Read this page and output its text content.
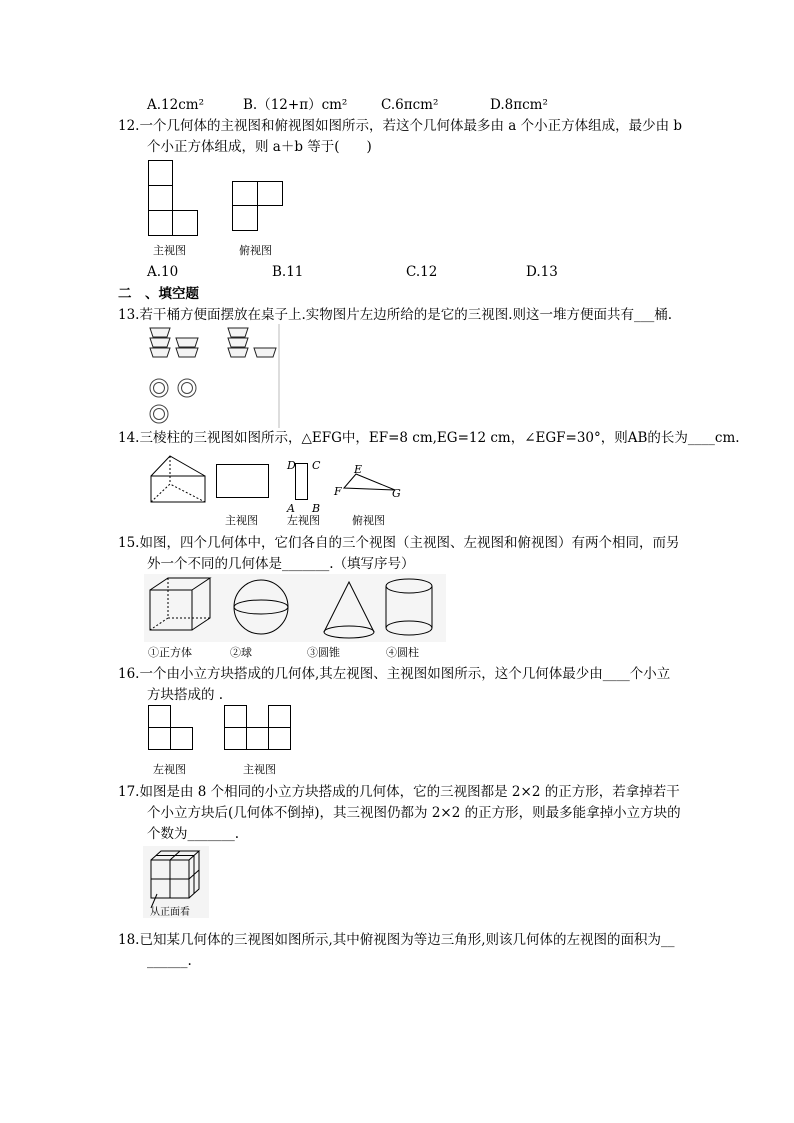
A.12cm²	B.（12+π）cm² C.6πcm²	D.8πcm²
12.一个几何体的主视图和俯视图如图所示，若这个几何体最多由 a 个小正方体组成，最少由 b
个小正方体组成，则 a＋b 等于(　　)
主视图	俯视图
A.10	B.11	C.12	D.13
二　、填空题
13.若干桶方便面摆放在桌子上.实物图片左边所给的是它的三视图.则这一堆方便面共有___桶.
14.三棱柱的三视图如图所示，△EFG中，EF=8 cm,EG=12 cm，∠EGF=30°，则AB的长为____cm.
主视图
D C
A B
左视图
E
F	G
俯视图
15.如图，四个几何体中，它们各自的三个视图（主视图、左视图和俯视图）有两个相同，而另
外一个不同的几何体是_______.（填写序号）
①正方体	②球	③圆锥	④圆柱
16.一个由小立方块搭成的几何体,其左视图、主视图如图所示，这个几何体最少由____个小立
方块搭成的 .
左视图	主视图
17.如图是由 8 个相同的小立方块搭成的几何体，它的三视图都是 2×2 的正方形，若拿掉若干
个小立方块后(几何体不倒掉)，其三视图仍都为 2×2 的正方形，则最多能拿掉小立方块的
个数为_______.
从正面看
18.已知某几何体的三视图如图所示,其中俯视图为等边三角形,则该几何体的左视图的面积为__
______.
